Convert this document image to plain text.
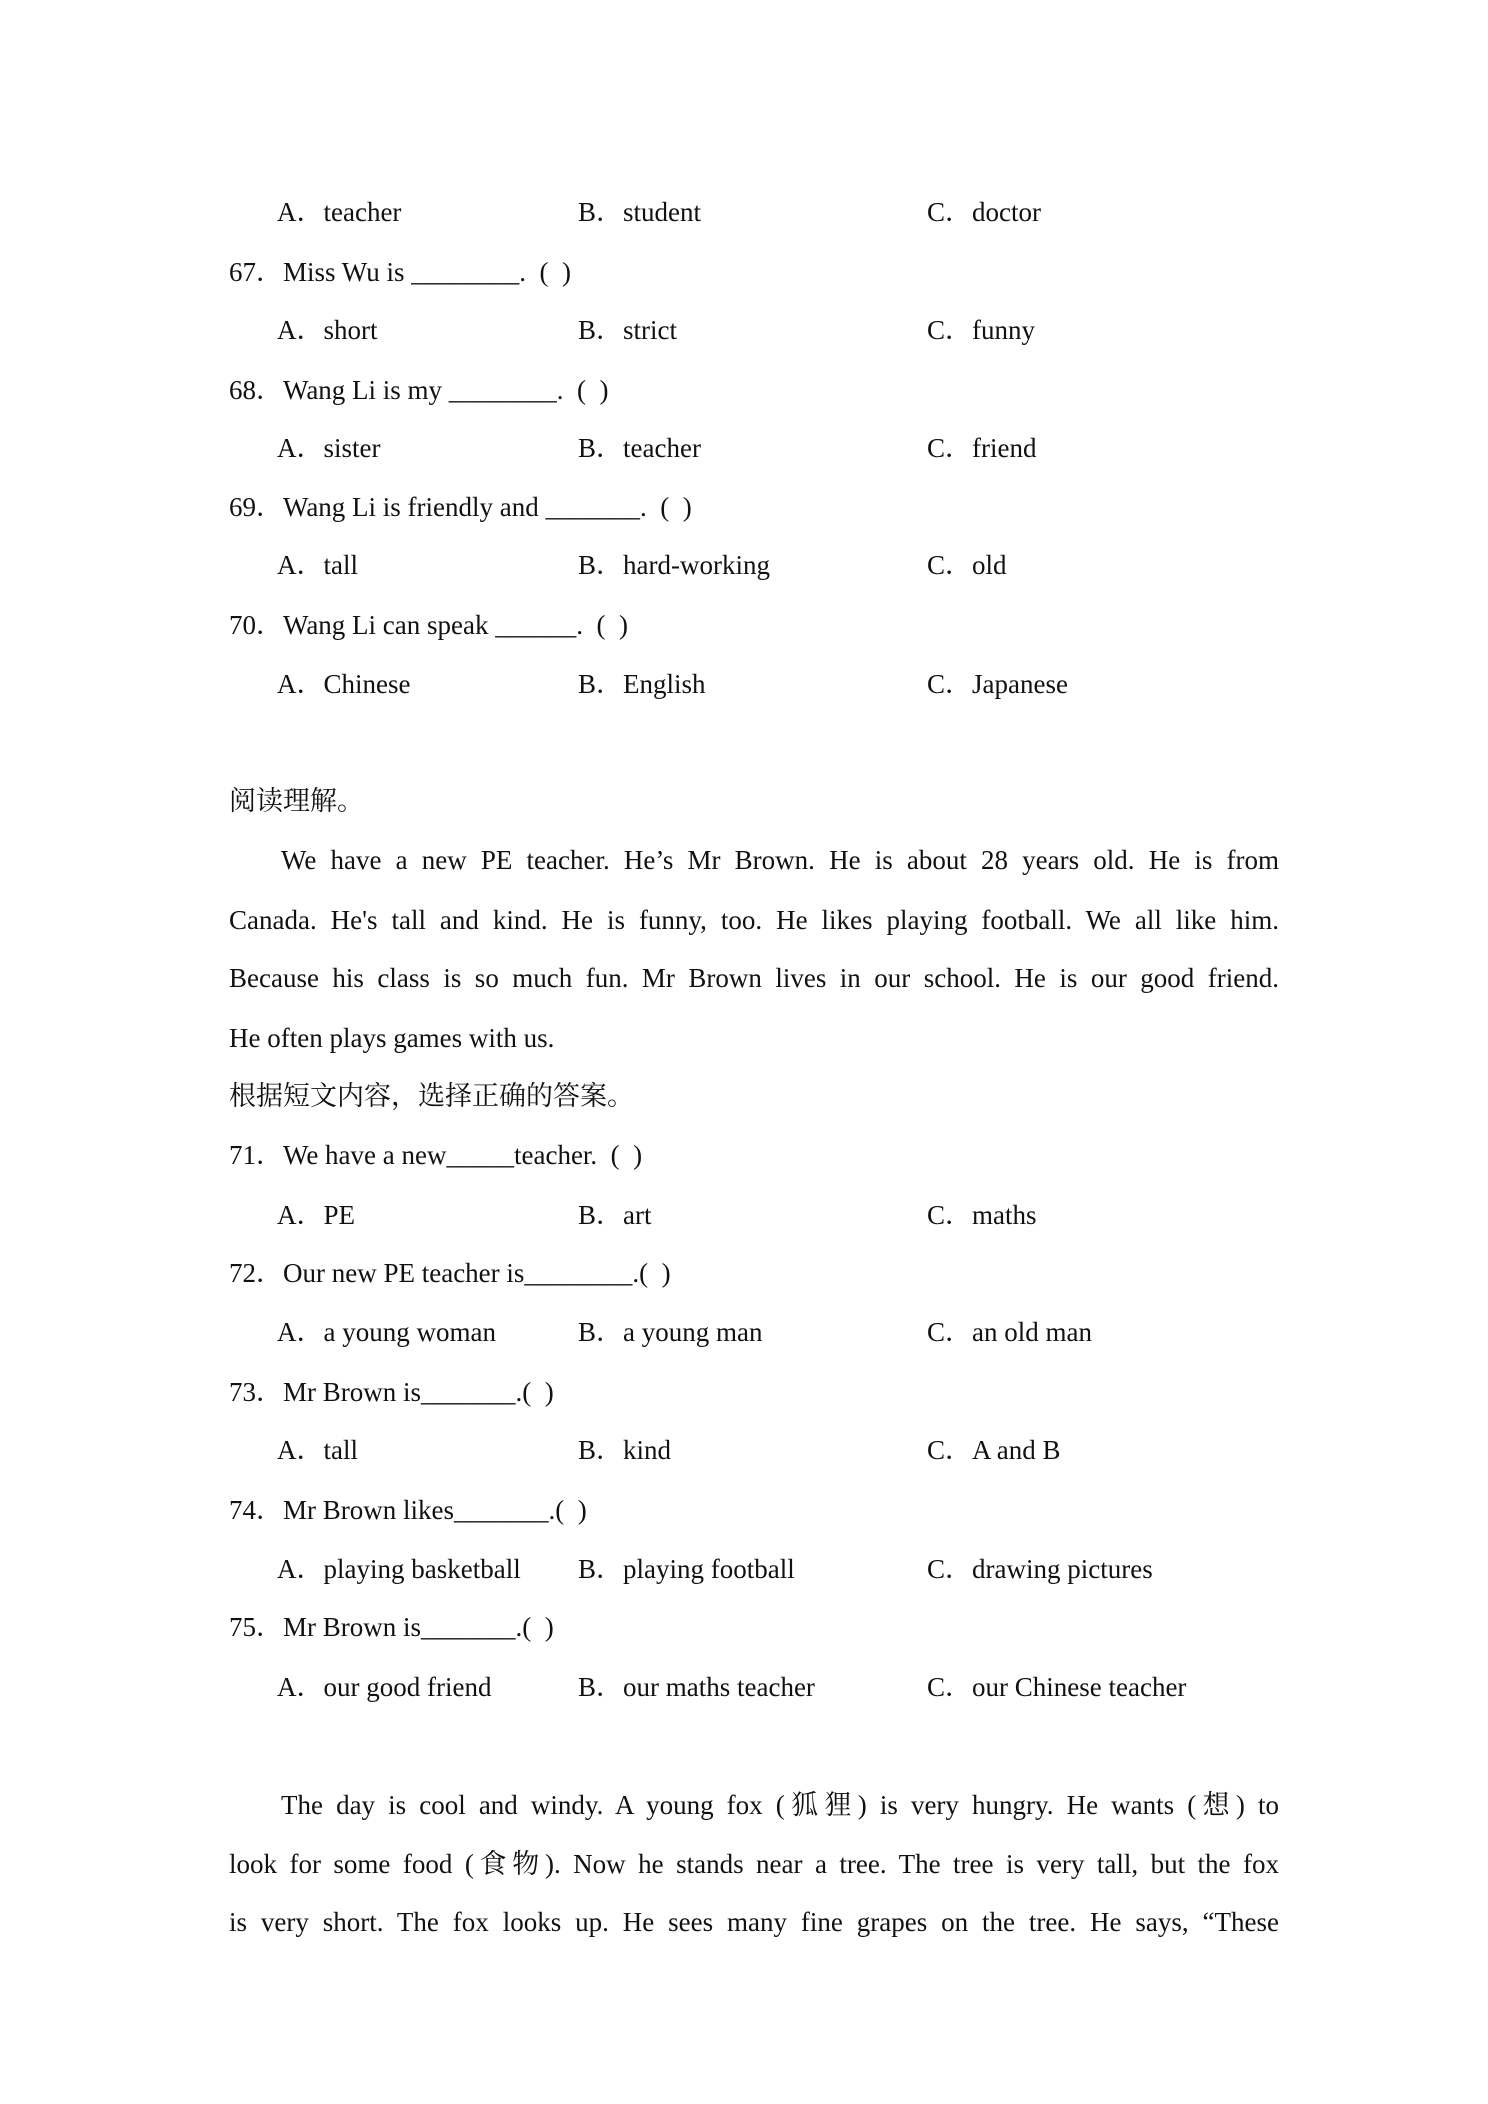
A．teacher	B．student	C．doctor
67．Miss Wu is ________.  (  )
A．short	B．strict	C．funny
68．Wang Li is my ________.  (  )
A．sister	B．teacher	C．friend
69．Wang Li is friendly and _______.  (  )
A．tall	B．hard-working	C．old
70．Wang Li can speak ______.  (  )
A．Chinese	B．English	C．Japanese
阅读理解。
We have a new PE teacher. He’s Mr Brown. He is about 28 years old. He is from
Canada. He's tall and kind. He is funny, too. He likes playing football. We all like him.
Because his class is so much fun. Mr Brown lives in our school. He is our good friend.
He often plays games with us.
根据短文内容，选择正确的答案。
71．We have a new_____teacher.  (  )
A．PE	B．art	C．maths
72．Our new PE teacher is________.(  )
A．a young woman	B．a young man	C．an old man
73．Mr Brown is_______.(  )
A．tall	B．kind	C．A and B
74．Mr Brown likes_______.(  )
A．playing basketball B．playing football	C．drawing pictures
75．Mr Brown is_______.(  )
A．our good friend	B．our maths teacher	C．our Chinese teacher
The day is cool and windy. A young fox (狐狸) is very hungry. He wants (想) to
look for some food (食物). Now he stands near a tree. The tree is very tall, but the fox
is very short. The fox looks up. He sees many fine grapes on the tree. He says, “These
